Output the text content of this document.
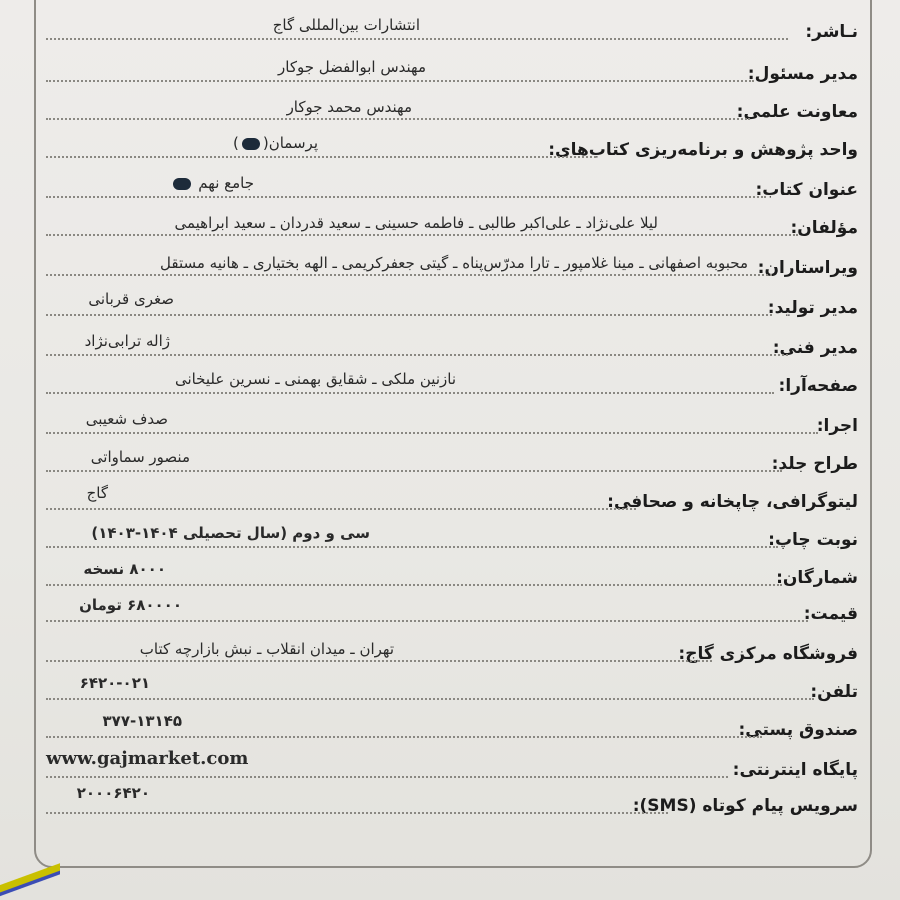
نـاشر:
انتشارات بین‌المللی گاج
مدیر مسئول:
مهندس ابوالفضل جوکار
معاونت علمی:
مهندس محمد جوکار
واحد پژوهش و برنامه‌ریزی کتاب‌های:
پرسمان()
عنوان کتاب:
جامع نهم
مؤلفان:
لیلا علی‌نژاد ـ علی‌اکبر طالبی ـ فاطمه حسینی ـ سعید قدردان ـ سعید ابراهیمی
ویراستاران:
محبوبه اصفهانی ـ مینا غلامپور ـ تارا مدرّس‌پناه ـ گیتی جعفرکریمی ـ الهه بختیاری ـ هانیه مستقل
مدیر تولید:
صغری قربانی
مدیر فنی:
ژاله ترابی‌نژاد
صفحه‌آرا:
نازنین ملکی ـ شقایق بهمنی ـ نسرین علیخانی
اجرا:
صدف شعیبی
طراح جلد:
منصور سماواتی
لیتوگرافی، چاپخانه و صحافی:
گاج
نوبت چاپ:
سی و دوم (سال تحصیلی ۱۴۰۴-۱۴۰۳)
شمارگان:
۸۰۰۰ نسخه
قیمت:
۶۸۰۰۰۰ تومان
فروشگاه مرکزی گاج:
تهران ـ میدان انقلاب ـ نبش بازارچه کتاب
تلفن:
۶۴۲۰-۰۲۱
صندوق پستی:
۳۷۷-۱۳۱۴۵
پایگاه اینترنتی:
www.gajmarket.com
سرویس پیام کوتاه (SMS):
۲۰۰۰۶۴۲۰
